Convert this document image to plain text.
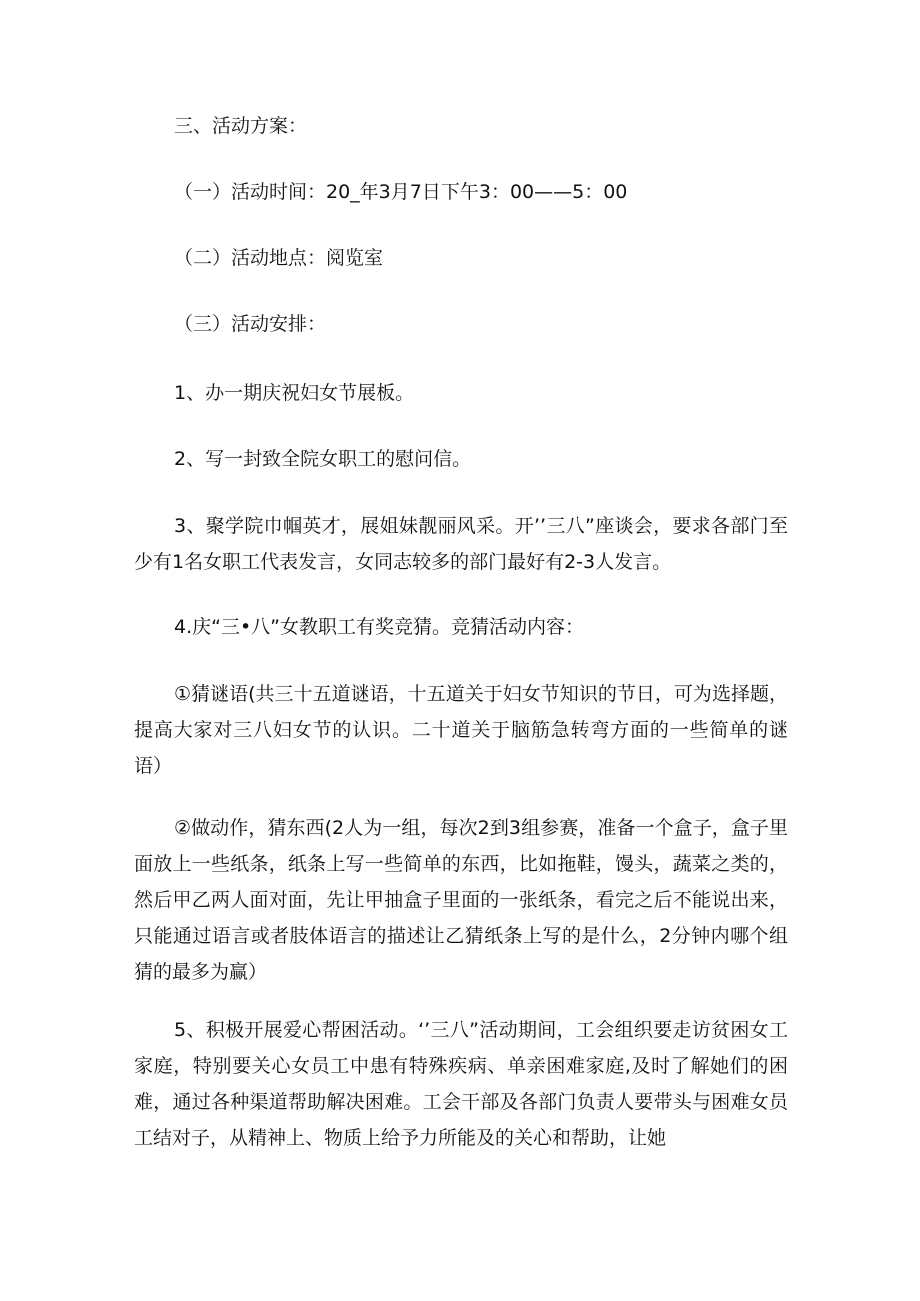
三、活动方案：
（一）活动时间：20_年3月7日下午3：00——5：00
（二）活动地点：阅览室
（三）活动安排：
1、办一期庆祝妇女节展板。
2、写一封致全院女职工的慰问信。

3、聚学院巾帼英才，展姐妹靓丽风采。开’’三八”座谈会，要求各部门至少有1名女职工代表发言，女同志较多的部门最好有2-3人发言。

4.庆“三•八”女教职工有奖竞猜。竞猜活动内容：

①猜谜语(共三十五道谜语，十五道关于妇女节知识的节日，可为选择题，提高大家对三八妇女节的认识。二十道关于脑筋急转弯方面的一些简单的谜语）

②做动作，猜东西(2人为一组，每次2到3组参赛，准备一个盒子，盒子里面放上一些纸条，纸条上写一些简单的东西，比如拖鞋，馒头，蔬菜之类的，然后甲乙两人面对面，先让甲抽盒子里面的一张纸条，看完之后不能说出来，只能通过语言或者肢体语言的描述让乙猜纸条上写的是什么，2分钟内哪个组猜的最多为赢）

5、积极开展爱心帮困活动。‘’三八”活动期间，工会组织要走访贫困女工家庭，特别要关心女员工中患有特殊疾病、单亲困难家庭,及时了解她们的困难，通过各种渠道帮助解决困难。工会干部及各部门负责人要带头与困难女员工结对子，从精神上、物质上给予力所能及的关心和帮助，让她
